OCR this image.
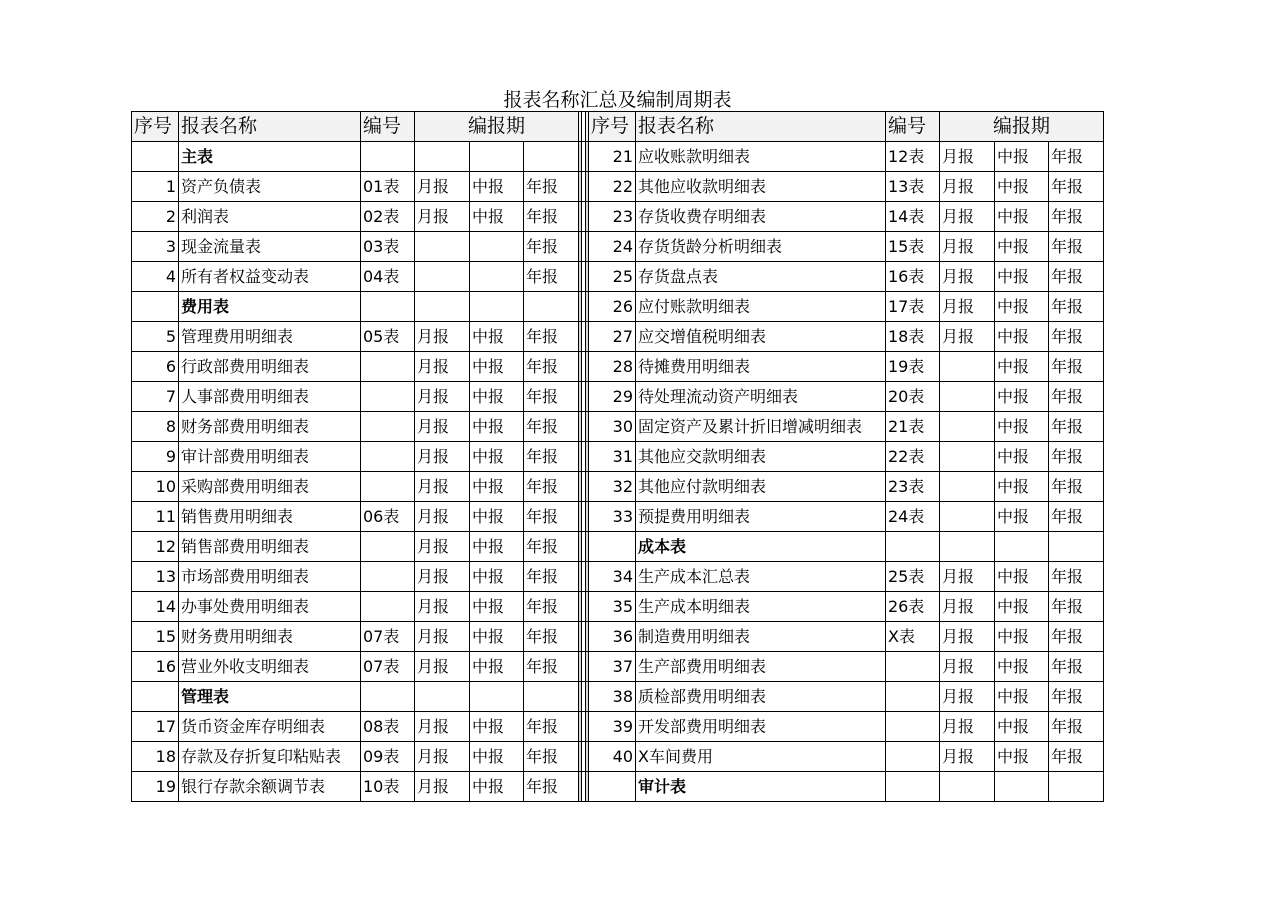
报表名称汇总及编制周期表
序号	报表名称	编号	编报期				序号	报表名称	编号	编报期		
	主表						21	应收账款明细表	12表	月报	中报	年报
1	资产负债表	01表	月报	中报	年报		22	其他应收款明细表	13表	月报	中报	年报
2	利润表	02表	月报	中报	年报		23	存货收费存明细表	14表	月报	中报	年报
3	现金流量表	03表			年报		24	存货货龄分析明细表	15表	月报	中报	年报
4	所有者权益变动表	04表			年报		25	存货盘点表	16表	月报	中报	年报
	费用表						26	应付账款明细表	17表	月报	中报	年报
5	管理费用明细表	05表	月报	中报	年报		27	应交增值税明细表	18表	月报	中报	年报
6	行政部费用明细表		月报	中报	年报		28	待摊费用明细表	19表		中报	年报
7	人事部费用明细表		月报	中报	年报		29	待处理流动资产明细表	20表		中报	年报
8	财务部费用明细表		月报	中报	年报		30	固定资产及累计折旧增减明细表	21表		中报	年报
9	审计部费用明细表		月报	中报	年报		31	其他应交款明细表	22表		中报	年报
10	采购部费用明细表		月报	中报	年报		32	其他应付款明细表	23表		中报	年报
11	销售费用明细表	06表	月报	中报	年报		33	预提费用明细表	24表		中报	年报
12	销售部费用明细表		月报	中报	年报			成本表				
13	市场部费用明细表		月报	中报	年报		34	生产成本汇总表	25表	月报	中报	年报
14	办事处费用明细表		月报	中报	年报		35	生产成本明细表	26表	月报	中报	年报
15	财务费用明细表	07表	月报	中报	年报		36	制造费用明细表	X表	月报	中报	年报
16	营业外收支明细表	07表	月报	中报	年报		37	生产部费用明细表		月报	中报	年报
	管理表						38	质检部费用明细表		月报	中报	年报
17	货币资金库存明细表	08表	月报	中报	年报		39	开发部费用明细表		月报	中报	年报
18	存款及存折复印粘贴表	09表	月报	中报	年报		40	X车间费用		月报	中报	年报
19	银行存款余额调节表	10表	月报	中报	年报			审计表				
